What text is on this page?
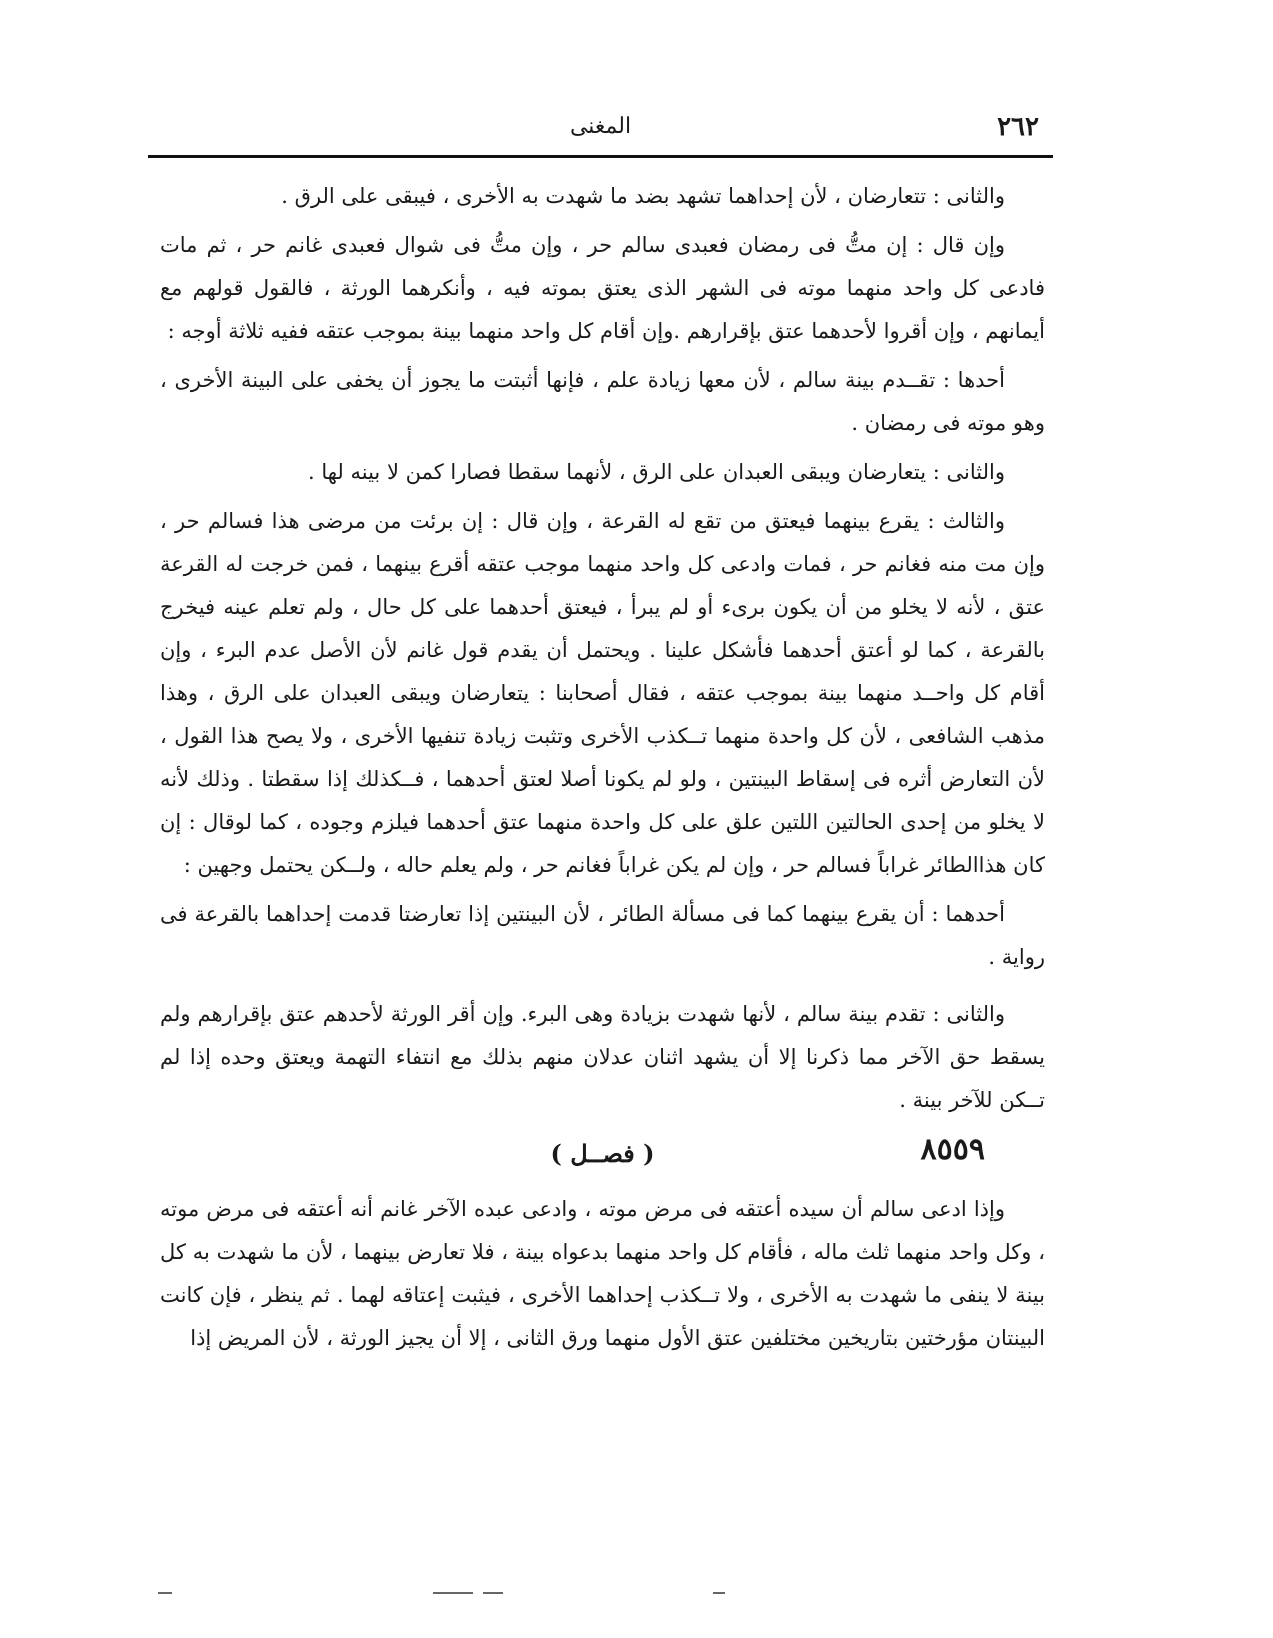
٢٦٢
المغنى

والثانى : تتعارضان ، لأن إحداهما تشهد بضد ما شهدت به الأخرى ، فيبقى على الرق .

وإن قال : إن متُّ فى رمضان فعبدى سالم حر ، وإن متُّ فى شوال فعبدى غانم حر ، ثم مات فادعى كل واحد منهما موته فى الشهر الذى يعتق بموته فيه ، وأنكرهما الورثة ، فالقول قولهم مع أيمانهم ، وإن أقروا لأحدهما عتق بإقرارهم .وإن أقام كل واحد منهما بينة بموجب عتقه ففيه ثلاثة أوجه :

أحدها : تقــدم بينة سالم ، لأن معها زيادة علم ، فإنها أثبتت ما يجوز أن يخفى على البينة الأخرى ، وهو موته فى رمضان .

والثانى : يتعارضان ويبقى العبدان على الرق ، لأنهما سقطا فصارا كمن لا بينه لها .

والثالث : يقرع بينهما فيعتق من تقع له القرعة ، وإن قال : إن برئت من مرضى هذا فسالم حر ، وإن مت منه فغانم حر ، فمات وادعى كل واحد منهما موجب عتقه أقرع بينهما ، فمن خرجت له القرعة عتق ، لأنه لا يخلو من أن يكون برىء أو لم يبرأ ، فيعتق أحدهما على كل حال ، ولم تعلم عينه فيخرج بالقرعة ، كما لو أعتق أحدهما فأشكل علينا . ويحتمل أن يقدم قول غانم لأن الأصل عدم البرء ، وإن أقام كل واحــد منهما بينة بموجب عتقه ، فقال أصحابنا : يتعارضان ويبقى العبدان على الرق ، وهذا مذهب الشافعى ، لأن كل واحدة منهما تــكذب الأخرى وتثبت زيادة تنفيها الأخرى ، ولا يصح هذا القول ، لأن التعارض أثره فى إسقاط البينتين ، ولو لم يكونا أصلا لعتق أحدهما ، فــكذلك إذا سقطتا . وذلك لأنه لا يخلو من إحدى الحالتين اللتين علق على كل واحدة منهما عتق أحدهما فيلزم وجوده ، كما لوقال : إن كان هذاالطائر غراباً فسالم حر ، وإن لم يكن غراباً فغانم حر ، ولم يعلم حاله ، ولــكن يحتمل وجهين :

أحدهما : أن يقرع بينهما كما فى مسألة الطائر ، لأن البينتين إذا تعارضتا قدمت إحداهما بالقرعة فى رواية .

والثانى : تقدم بينة سالم ، لأنها شهدت بزيادة وهى البرء. وإن أقر الورثة لأحدهم عتق بإقرارهم ولم يسقط حق الآخر مما ذكرنا إلا أن يشهد اثنان عدلان منهم بذلك مع انتفاء التهمة ويعتق وحده إذا لم تــكن للآخر بينة .

٨٥٥٩
( فصــل )

وإذا ادعى سالم أن سيده أعتقه فى مرض موته ، وادعى عبده الآخر غانم أنه أعتقه فى مرض موته ، وكل واحد منهما ثلث ماله ، فأقام كل واحد منهما بدعواه بينة ، فلا تعارض بينهما ، لأن ما شهدت به كل بينة لا ينفى ما شهدت به الأخرى ، ولا تــكذب إحداهما الأخرى ، فيثبت إعتاقه لهما . ثم ينظر ، فإن كانت البينتان مؤرختين بتاريخين مختلفين عتق الأول منهما ورق الثانى ، إلا أن يجيز الورثة ، لأن المريض إذا
